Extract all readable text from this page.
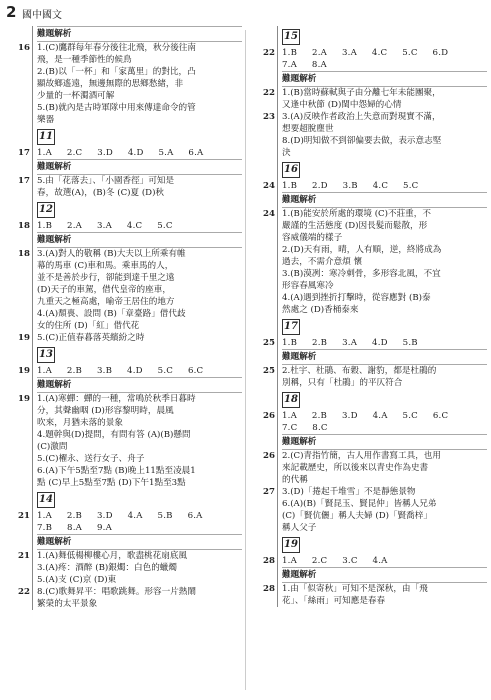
2 國中國文

難題解析

16 1.(C)鷹群每年春分後往北飛，秋分後往南

飛，是一種季節性的候鳥

2.(B)以「一杯」和「家萬里」的對比，凸

顯故鄉遙遠，無邊無際的思鄉愁緒，非

少量的一杯濁酒可解

5.(B)就內是古時軍隊中用來傳達命令的管

樂器

11
17 1.A 2.C 3.D 4.D 5.A 6.A

難題解析

17 5.由「花落去」、「小園香徑」可知是

春，故選(A)，(B)冬 (C)夏 (D)秋

12
18 1.B 2.A 3.A 4.C 5.C

難題解析

18 3.(A)對人的敬稱 (B)大夫以上所乘有帷

幕的馬車 (C)車和馬。乘車馬的人，

並不是善於步行，卻能到達千里之遠

(D)天子的車駕，借代皇帝的座車，

九重天之極高處，喻帝王居住的地方

4.(A)頹喪、設問 (B)「章臺路」借代歧

女的住所 (D)「紅」借代花

19 5.(C)正值春暮落英繽紛之時

13
19 1.A 2.B 3.B 4.D 5.C 6.C

難題解析

19 1.(A)寒蟬：蟬的一種，常鳴於秋季日暮時

分，其聲幽咽 (D)形容黎明時，晨風

吹來，月猶未落的景象

4.題幹與(D)提問，有問有答 (A)(B)懸問

(C)激問

5.(C)櫂永、送行女子、舟子

6.(A)下午5點至7點 (B)晚上11點至凌晨1

點 (C)早上5點至7點 (D)下午1點至3點

14
21 1.A 2.B 3.D 4.A 5.B 6.A

7.B 8.A 9.A

難題解析

21 1.(A)舞低楊柳樓心月，歌盡桃花扇底風

3.(A)疼：酒醉 (B)銀燭：白色的蠟燭

5.(A)支 (C)京 (D)東

22 8.(C)歌舞昇平：唱歌跳舞。形容一片熱鬧

繁榮的太平景象

15
22 1.B 2.A 3.A 4.C 5.C 6.D

7.A 8.A

難題解析

22 1.(B)當時蘇軾與子由分離七年未能團聚，

又逢中秋節 (D)閨中怨婦的心情

23 3.(A)反映作者政治上失意而對現實不滿，

想要超脫塵世

8.(D)明知做不到卻偏要去做，表示意志堅

決

16
24 1.B 2.D 3.B 4.C 5.C

難題解析

24 1.(B)能安於所處的環境 (C)不莊重，不

嚴謹的生活態度 (D)因長髮而鬆散，形

容威儀端的樣子

2.(D)天有雨，晴，人有順，逆，終將成為

過去，不需介意煩 懷

3.(B)漠冽：寒冷刺骨，多形容北風，不宜

形容春風寒冷

4.(A)遇到挫折打擊時，從容應對 (B)泰

然處之 (D)香桶泰來

17
25 1.B 2.B 3.A 4.D 5.B

難題解析

25 2.杜宇、杜鵑、布穀、謝豹，都是杜鵑的

別稱，只有「杜鵑」的平仄符合

18
26 1.A 2.B 3.D 4.A 5.C 6.C

7.C 8.C

難題解析

26 2.(C)青指竹簡，古人用作書寫工具，也用

來記載歷史，所以後來以青史作為史書

的代稱

27 3.(D)「捲起千堆雪」不是靜態景物

6.(A)(B)「賢昆玉、賢昆仲」皆稱人兄弟

(C)「賢伉儷」稱人夫婦 (D)「賢喬梓」

稱人父子

19
28 1.A 2.C 3.C 4.A

難題解析

28 1.由「似寄秋」可知不是深秋，由「飛

花」、「絲雨」可知應是春春
